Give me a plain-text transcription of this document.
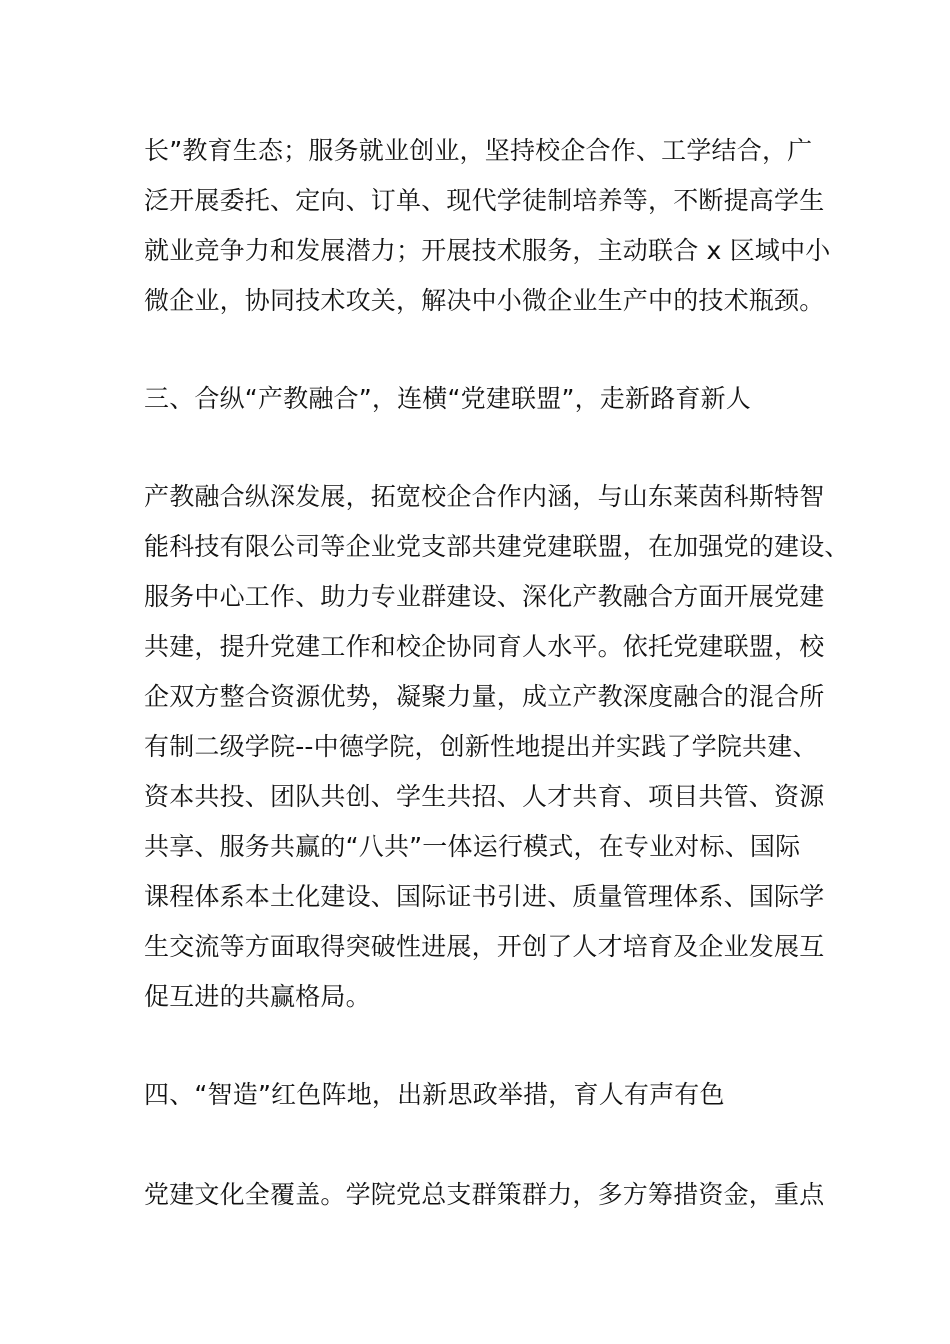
长”教育生态；服务就业创业，坚持校企合作、工学结合，广
泛开展委托、定向、订单、现代学徒制培养等，不断提高学生
就业竞争力和发展潜力；开展技术服务，主动联合 x 区域中小
微企业，协同技术攻关，解决中小微企业生产中的技术瓶颈。
三、合纵“产教融合”，连横“党建联盟”，走新路育新人
产教融合纵深发展，拓宽校企合作内涵，与山东莱茵科斯特智
能科技有限公司等企业党支部共建党建联盟，在加强党的建设、
服务中心工作、助力专业群建设、深化产教融合方面开展党建
共建，提升党建工作和校企协同育人水平。依托党建联盟，校
企双方整合资源优势，凝聚力量，成立产教深度融合的混合所
有制二级学院--中德学院，创新性地提出并实践了学院共建、
资本共投、团队共创、学生共招、人才共育、项目共管、资源
共享、服务共赢的“八共”一体运行模式，在专业对标、国际
课程体系本土化建设、国际证书引进、质量管理体系、国际学
生交流等方面取得突破性进展，开创了人才培育及企业发展互
促互进的共赢格局。
四、“智造”红色阵地，出新思政举措，育人有声有色
党建文化全覆盖。学院党总支群策群力，多方筹措资金，重点
